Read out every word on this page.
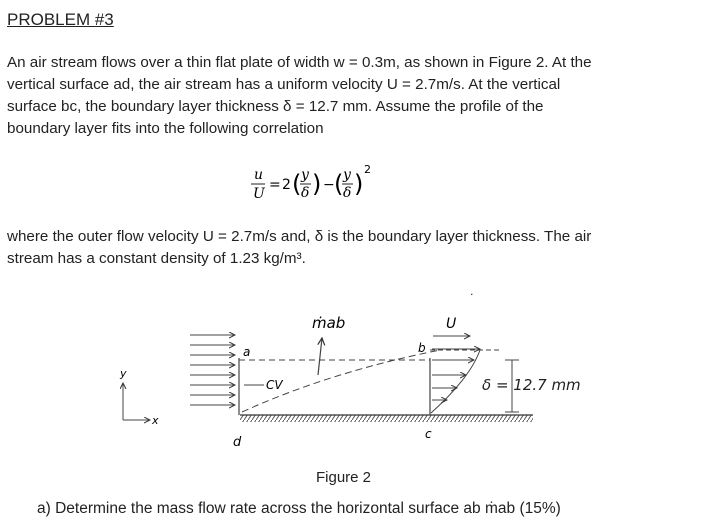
PROBLEM #3
An air stream flows over a thin flat plate of width w = 0.3m, as shown in Figure 2. At the
vertical surface ad, the air stream has a uniform velocity U = 2.7m/s. At the vertical
surface bc, the boundary layer thickness δ = 12.7 mm. Assume the profile of the
boundary layer fits into the following correlation
u
U
= 2 ( y
δ ) − ( y
δ )
2
where the outer flow velocity U = 2.7m/s and, δ is the boundary layer thickness. The air
stream has a constant density of 1.23 kg/m³.
U
ṁab
δ = 12.7 mm
a	b
c
d
CV
y
x
·
Figure 2
a) Determine the mass flow rate across the horizontal surface ab ṁab (15%)
